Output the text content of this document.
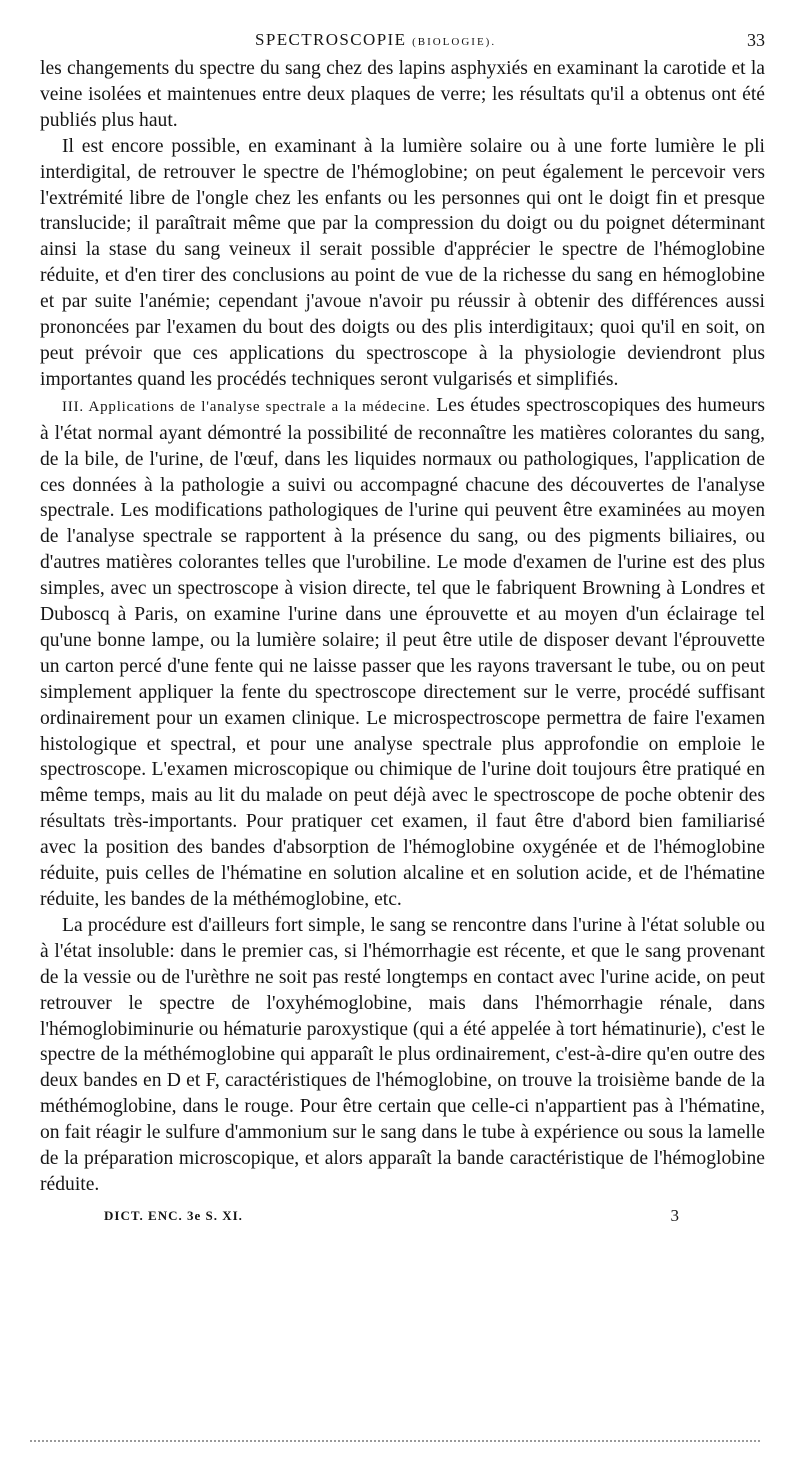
SPECTROSCOPIE (BIOLOGIE).	33

les changements du spectre du sang chez des lapins asphyxiés en examinant la carotide et la veine isolées et maintenues entre deux plaques de verre; les résultats qu'il a obtenus ont été publiés plus haut.

Il est encore possible, en examinant à la lumière solaire ou à une forte lumière le pli interdigital, de retrouver le spectre de l'hémoglobine; on peut également le percevoir vers l'extrémité libre de l'ongle chez les enfants ou les personnes qui ont le doigt fin et presque translucide; il paraîtrait même que par la compression du doigt ou du poignet déterminant ainsi la stase du sang veineux il serait possible d'apprécier le spectre de l'hémoglobine réduite, et d'en tirer des conclusions au point de vue de la richesse du sang en hémoglobine et par suite l'anémie; cependant j'avoue n'avoir pu réussir à obtenir des différences aussi prononcées par l'examen du bout des doigts ou des plis interdigitaux; quoi qu'il en soit, on peut prévoir que ces applications du spectroscope à la physiologie deviendront plus importantes quand les procédés techniques seront vulgarisés et simplifiés.

III. Applications de l'analyse spectrale a la médecine. Les études spectroscopiques des humeurs à l'état normal ayant démontré la possibilité de reconnaître les matières colorantes du sang, de la bile, de l'urine, de l'œuf, dans les liquides normaux ou pathologiques, l'application de ces données à la pathologie a suivi ou accompagné chacune des découvertes de l'analyse spectrale. Les modifications pathologiques de l'urine qui peuvent être examinées au moyen de l'analyse spectrale se rapportent à la présence du sang, ou des pigments biliaires, ou d'autres matières colorantes telles que l'urobiline. Le mode d'examen de l'urine est des plus simples, avec un spectroscope à vision directe, tel que le fabriquent Browning à Londres et Duboscq à Paris, on examine l'urine dans une éprouvette et au moyen d'un éclairage tel qu'une bonne lampe, ou la lumière solaire; il peut être utile de disposer devant l'éprouvette un carton percé d'une fente qui ne laisse passer que les rayons traversant le tube, ou on peut simplement appliquer la fente du spectroscope directement sur le verre, procédé suffisant ordinairement pour un examen clinique. Le microspectroscope permettra de faire l'examen histologique et spectral, et pour une analyse spectrale plus approfondie on emploie le spectroscope. L'examen microscopique ou chimique de l'urine doit toujours être pratiqué en même temps, mais au lit du malade on peut déjà avec le spectroscope de poche obtenir des résultats très-importants. Pour pratiquer cet examen, il faut être d'abord bien familiarisé avec la position des bandes d'absorption de l'hémoglobine oxygénée et de l'hémoglobine réduite, puis celles de l'hématine en solution alcaline et en solution acide, et de l'hématine réduite, les bandes de la méthémoglobine, etc.

La procédure est d'ailleurs fort simple, le sang se rencontre dans l'urine à l'état soluble ou à l'état insoluble: dans le premier cas, si l'hémorrhagie est récente, et que le sang provenant de la vessie ou de l'urèthre ne soit pas resté longtemps en contact avec l'urine acide, on peut retrouver le spectre de l'oxyhémoglobine, mais dans l'hémorrhagie rénale, dans l'hémoglobiminurie ou hématurie paroxystique (qui a été appelée à tort hématinurie), c'est le spectre de la méthémoglobine qui apparaît le plus ordinairement, c'est-à-dire qu'en outre des deux bandes en D et F, caractéristiques de l'hémoglobine, on trouve la troisième bande de la méthémoglobine, dans le rouge. Pour être certain que celle-ci n'appartient pas à l'hématine, on fait réagir le sulfure d'ammonium sur le sang dans le tube à expérience ou sous la lamelle de la préparation microscopique, et alors apparaît la bande caractéristique de l'hémoglobine réduite.

DICT. ENC. 3e S. XI.	3
